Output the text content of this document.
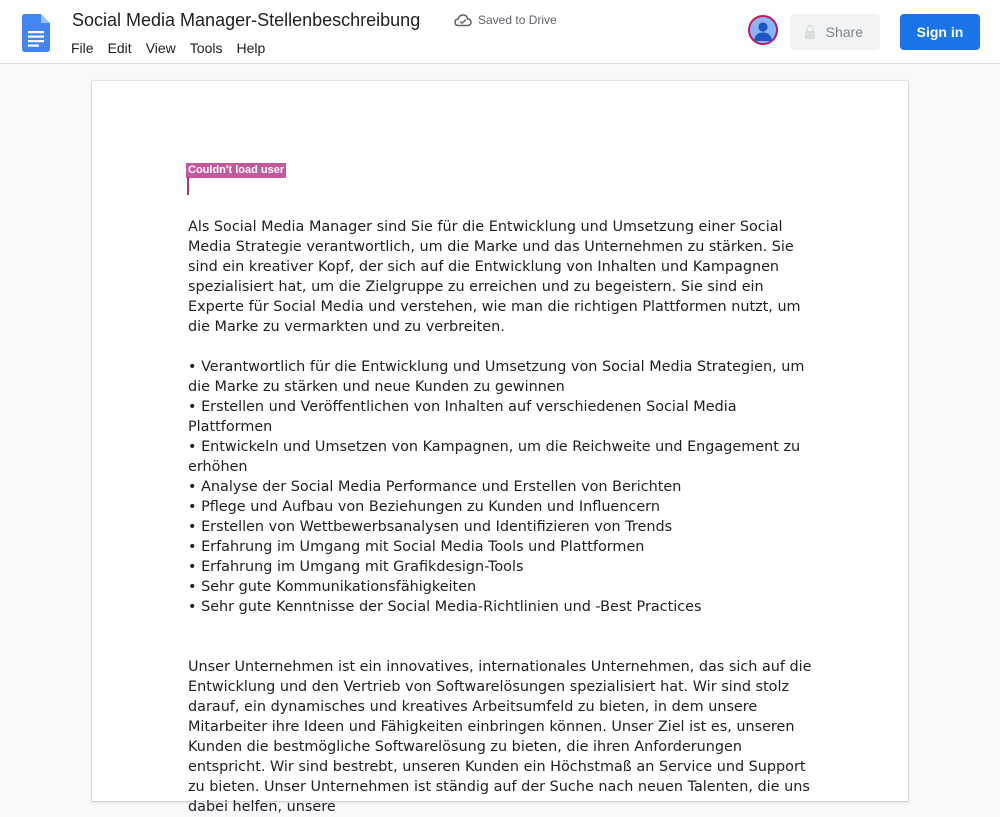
Social Media Manager-Stellenbeschreibung	Saved to Drive
File	Edit	View	Tools	Help
Share	Sign in
Couldn't load user

Als Social Media Manager sind Sie für die Entwicklung und Umsetzung einer Social Media Strategie verantwortlich, um die Marke und das Unternehmen zu stärken. Sie sind ein kreativer Kopf, der sich auf die Entwicklung von Inhalten und Kampagnen spezialisiert hat, um die Zielgruppe zu erreichen und zu begeistern. Sie sind ein Experte für Social Media und verstehen, wie man die richtigen Plattformen nutzt, um die Marke zu vermarkten und zu verbreiten.

• Verantwortlich für die Entwicklung und Umsetzung von Social Media Strategien, um die Marke zu stärken und neue Kunden zu gewinnen

• Erstellen und Veröffentlichen von Inhalten auf verschiedenen Social Media Plattformen

• Entwickeln und Umsetzen von Kampagnen, um die Reichweite und Engagement zu erhöhen

• Analyse der Social Media Performance und Erstellen von Berichten

• Pflege und Aufbau von Beziehungen zu Kunden und Influencern

• Erstellen von Wettbewerbsanalysen und Identifizieren von Trends

• Erfahrung im Umgang mit Social Media Tools und Plattformen

• Erfahrung im Umgang mit Grafikdesign-Tools

• Sehr gute Kommunikationsfähigkeiten

• Sehr gute Kenntnisse der Social Media-Richtlinien und -Best Practices

Unser Unternehmen ist ein innovatives, internationales Unternehmen, das sich auf die Entwicklung und den Vertrieb von Softwarelösungen spezialisiert hat. Wir sind stolz darauf, ein dynamisches und kreatives Arbeitsumfeld zu bieten, in dem unsere Mitarbeiter ihre Ideen und Fähigkeiten einbringen können. Unser Ziel ist es, unseren Kunden die bestmögliche Softwarelösung zu bieten, die ihren Anforderungen entspricht. Wir sind bestrebt, unseren Kunden ein Höchstmaß an Service und Support zu bieten. Unser Unternehmen ist ständig auf der Suche nach neuen Talenten, die uns dabei helfen, unsere
